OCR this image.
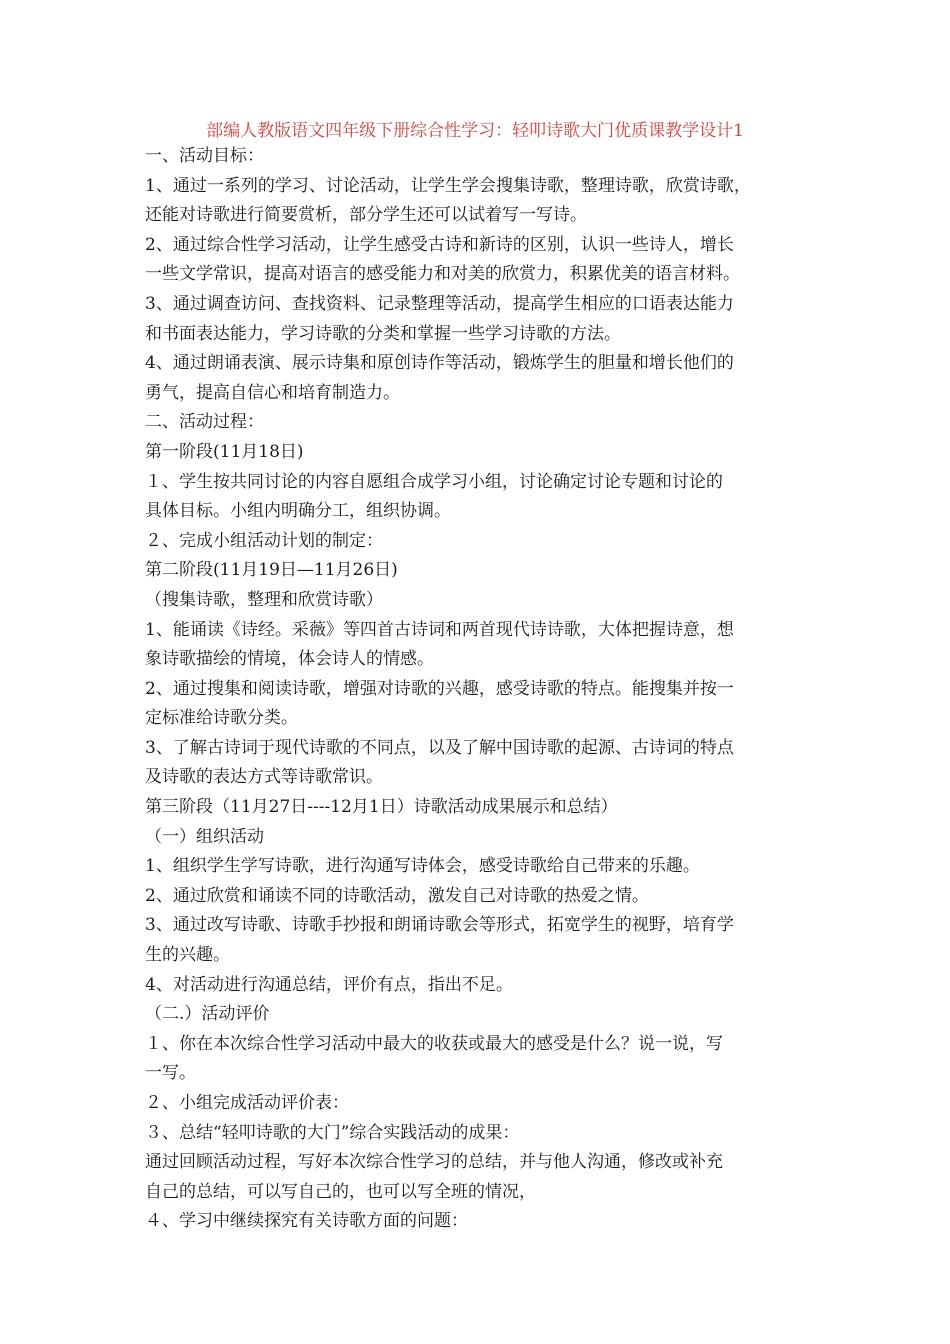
部编人教版语文四年级下册综合性学习：轻叩诗歌大门优质课教学设计1
一、活动目标：
1、通过一系列的学习、讨论活动，让学生学会搜集诗歌，整理诗歌，欣赏诗歌，
还能对诗歌进行简要赏析，部分学生还可以试着写一写诗。
2、通过综合性学习活动，让学生感受古诗和新诗的区别，认识一些诗人，增长
一些文学常识，提高对语言的感受能力和对美的欣赏力，积累优美的语言材料。
3、通过调查访问、查找资料、记录整理等活动，提高学生相应的口语表达能力
和书面表达能力，学习诗歌的分类和掌握一些学习诗歌的方法。
4、通过朗诵表演、展示诗集和原创诗作等活动，锻炼学生的胆量和增长他们的
勇气，提高自信心和培育制造力。
二、活动过程：
第一阶段(11月18日)
１、学生按共同讨论的内容自愿组合成学习小组，讨论确定讨论专题和讨论的
具体目标。小组内明确分工，组织协调。
２、完成小组活动计划的制定：
第二阶段(11月19日—11月26日)
（搜集诗歌，整理和欣赏诗歌）
1、能诵读《诗经。采薇》等四首古诗词和两首现代诗诗歌，大体把握诗意，想
象诗歌描绘的情境，体会诗人的情感。
2、通过搜集和阅读诗歌，增强对诗歌的兴趣，感受诗歌的特点。能搜集并按一
定标准给诗歌分类。
3、了解古诗词于现代诗歌的不同点，以及了解中国诗歌的起源、古诗词的特点
及诗歌的表达方式等诗歌常识。
第三阶段（11月27日----12月1日）诗歌活动成果展示和总结）
（一）组织活动
1、组织学生学写诗歌，进行沟通写诗体会，感受诗歌给自己带来的乐趣。
2、通过欣赏和诵读不同的诗歌活动，激发自己对诗歌的热爱之情。
3、通过改写诗歌、诗歌手抄报和朗诵诗歌会等形式，拓宽学生的视野，培育学
生的兴趣。
4、对活动进行沟通总结，评价有点，指出不足。
（二.）活动评价
１、你在本次综合性学习活动中最大的收获或最大的感受是什么？说一说，写
一写。
２、小组完成活动评价表：
３、总结“轻叩诗歌的大门”综合实践活动的成果：
通过回顾活动过程，写好本次综合性学习的总结，并与他人沟通，修改或补充
自己的总结，可以写自己的，也可以写全班的情况，
４、学习中继续探究有关诗歌方面的问题：
